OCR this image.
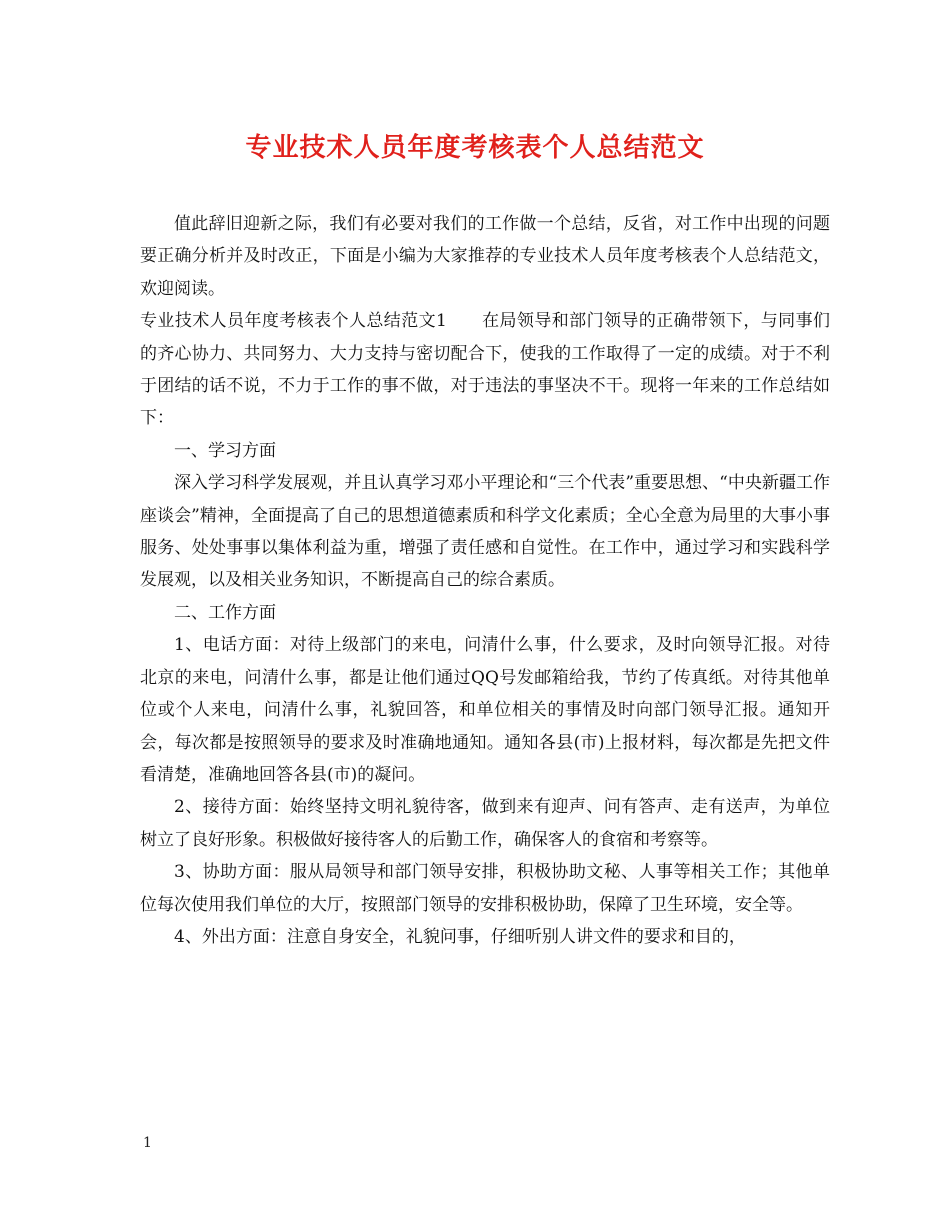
专业技术人员年度考核表个人总结范文

值此辞旧迎新之际，我们有必要对我们的工作做一个总结，反省，对工作中出现的问题要正确分析并及时改正，下面是小编为大家推荐的专业技术人员年度考核表个人总结范文，欢迎阅读。

专业技术人员年度考核表个人总结范文1　　在局领导和部门领导的正确带领下，与同事们的齐心协力、共同努力、大力支持与密切配合下，使我的工作取得了一定的成绩。对于不利于团结的话不说，不力于工作的事不做，对于违法的事坚决不干。现将一年来的工作总结如下：

一、学习方面

深入学习科学发展观，并且认真学习邓小平理论和“三个代表”重要思想、“中央新疆工作座谈会”精神，全面提高了自己的思想道德素质和科学文化素质；全心全意为局里的大事小事服务、处处事事以集体利益为重，增强了责任感和自觉性。在工作中，通过学习和实践科学发展观，以及相关业务知识，不断提高自己的综合素质。

二、工作方面

1、电话方面：对待上级部门的来电，问清什么事，什么要求，及时向领导汇报。对待北京的来电，问清什么事，都是让他们通过QQ号发邮箱给我，节约了传真纸。对待其他单位或个人来电，问清什么事，礼貌回答，和单位相关的事情及时向部门领导汇报。通知开会，每次都是按照领导的要求及时准确地通知。通知各县(市)上报材料，每次都是先把文件看清楚，准确地回答各县(市)的凝问。

2、接待方面：始终坚持文明礼貌待客，做到来有迎声、问有答声、走有送声，为单位树立了良好形象。积极做好接待客人的后勤工作，确保客人的食宿和考察等。

3、协助方面：服从局领导和部门领导安排，积极协助文秘、人事等相关工作；其他单位每次使用我们单位的大厅，按照部门领导的安排积极协助，保障了卫生环境，安全等。

4、外出方面：注意自身安全，礼貌问事，仔细听别人讲文件的要求和目的，

1
